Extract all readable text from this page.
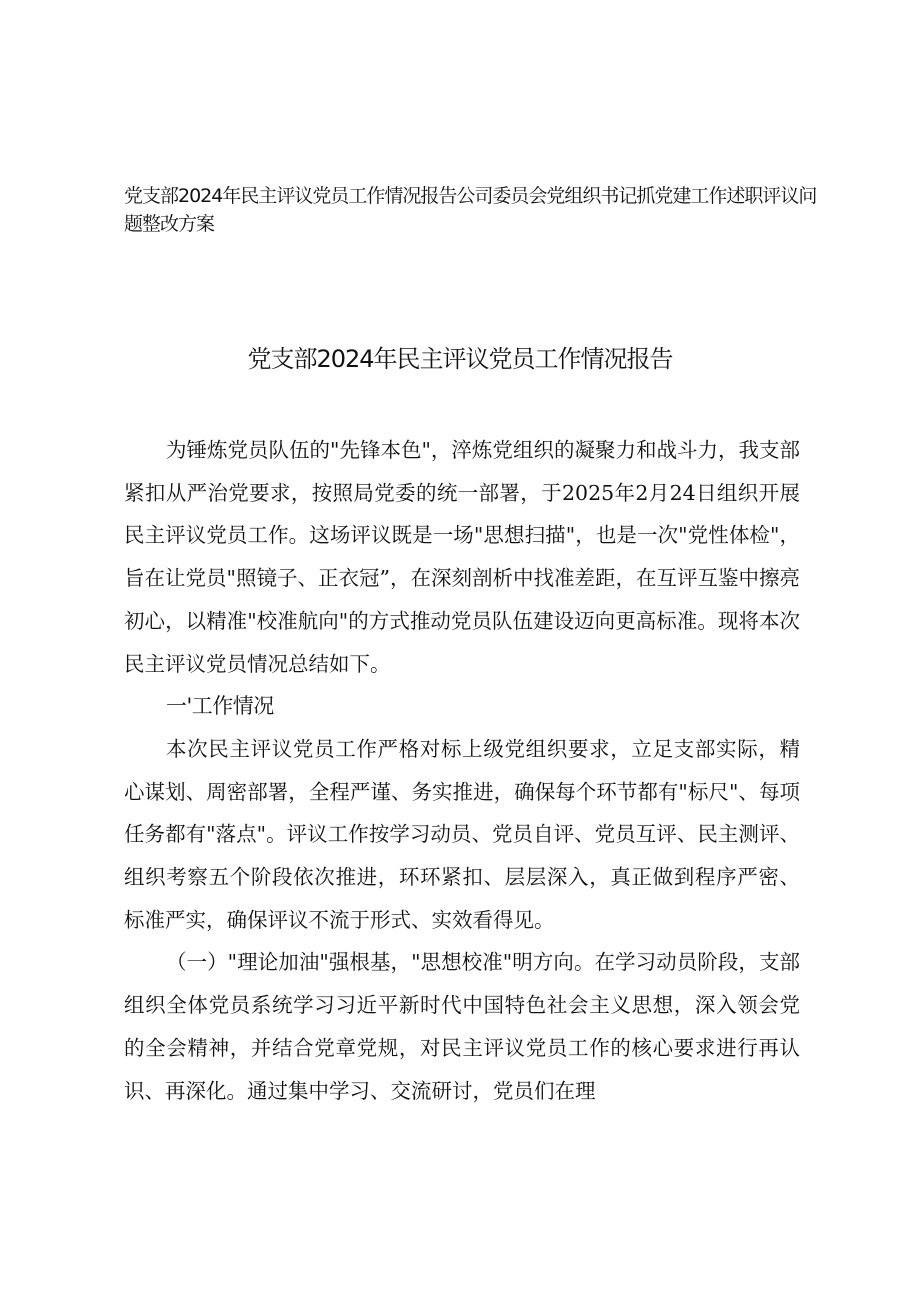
党支部2024年民主评议党员工作情况报告公司委员会党组织书记抓党建工作述职评议问题整改方案
党支部2024年民主评议党员工作情况报告

为锤炼党员队伍的"先锋本色"，淬炼党组织的凝聚力和战斗力，我支部紧扣从严治党要求，按照局党委的统一部署，于2025年2月24日组织开展民主评议党员工作。这场评议既是一场"思想扫描"，也是一次"党性体检"，旨在让党员"照镜子、正衣冠”，在深刻剖析中找准差距，在互评互鉴中擦亮初心，以精准"校准航向"的方式推动党员队伍建设迈向更高标准。现将本次民主评议党员情况总结如下。

一'工作情况

本次民主评议党员工作严格对标上级党组织要求，立足支部实际，精心谋划、周密部署，全程严谨、务实推进，确保每个环节都有"标尺"、每项任务都有"落点"。评议工作按学习动员、党员自评、党员互评、民主测评、组织考察五个阶段依次推进，环环紧扣、层层深入，真正做到程序严密、标准严实，确保评议不流于形式、实效看得见。

（一）"理论加油"强根基，"思想校准"明方向。在学习动员阶段，支部组织全体党员系统学习习近平新时代中国特色社会主义思想，深入领会党的全会精神，并结合党章党规，对民主评议党员工作的核心要求进行再认识、再深化。通过集中学习、交流研讨，党员们在理
